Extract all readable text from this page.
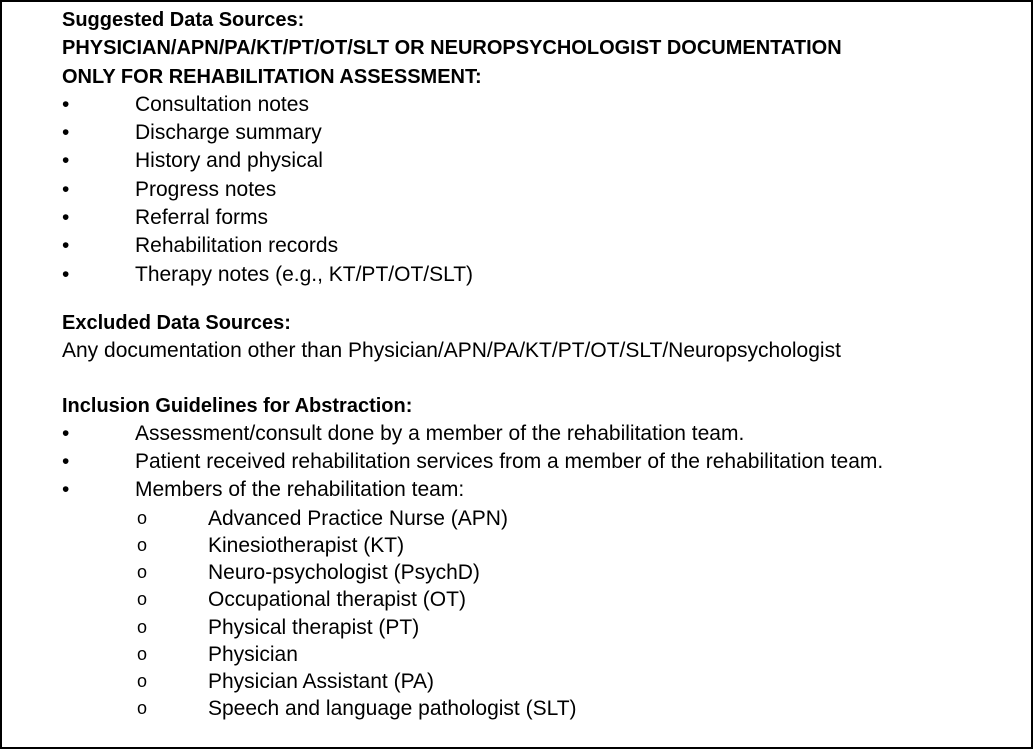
Suggested Data Sources:
PHYSICIAN/APN/PA/KT/PT/OT/SLT OR NEUROPSYCHOLOGIST DOCUMENTATION
ONLY FOR REHABILITATION ASSESSMENT:
•	Consultation notes
•	Discharge summary
•	History and physical
•	Progress notes
•	Referral forms
•	Rehabilitation records
•	Therapy notes (e.g., KT/PT/OT/SLT)
Excluded Data Sources:
Any documentation other than Physician/APN/PA/KT/PT/OT/SLT/Neuropsychologist
Inclusion Guidelines for Abstraction:
•	Assessment/consult done by a member of the rehabilitation team.
•	Patient received rehabilitation services from a member of the rehabilitation team.
•	Members of the rehabilitation team:
o	Advanced Practice Nurse (APN)
o	Kinesiotherapist (KT)
o	Neuro-psychologist (PsychD)
o	Occupational therapist (OT)
o	Physical therapist (PT)
o	Physician
o	Physician Assistant (PA)
o	Speech and language pathologist (SLT)
